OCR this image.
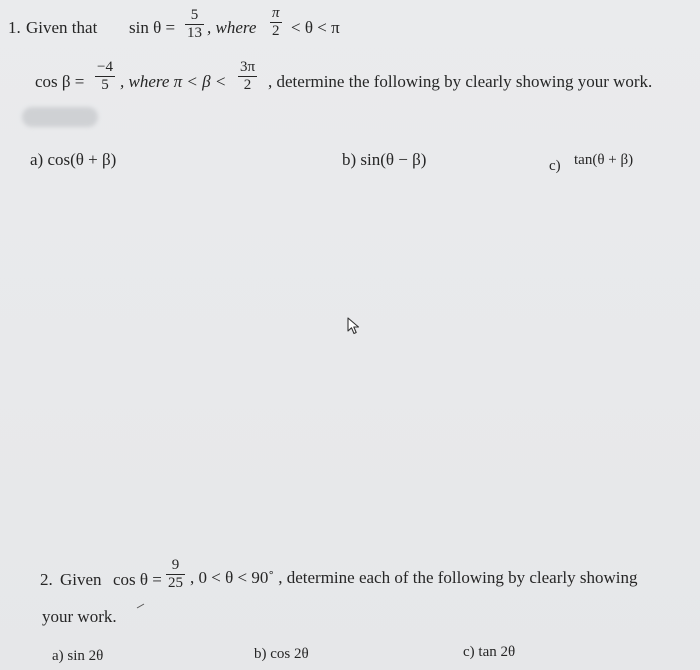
1. Given that sin θ =
5
13 , where
π
2 < θ < π
cos β =
−4
5 , where π < β <
3π
2 , determine the following by clearly showing your work.
a) cos(θ + β)	b) sin(θ − β)	c) tan(θ + β)
2. Given cos θ =
9
25 , 0 < θ < 90˚ , determine each of the following by clearly showing
your work.
a) sin 2θ	b) cos 2θ	c) tan 2θ
